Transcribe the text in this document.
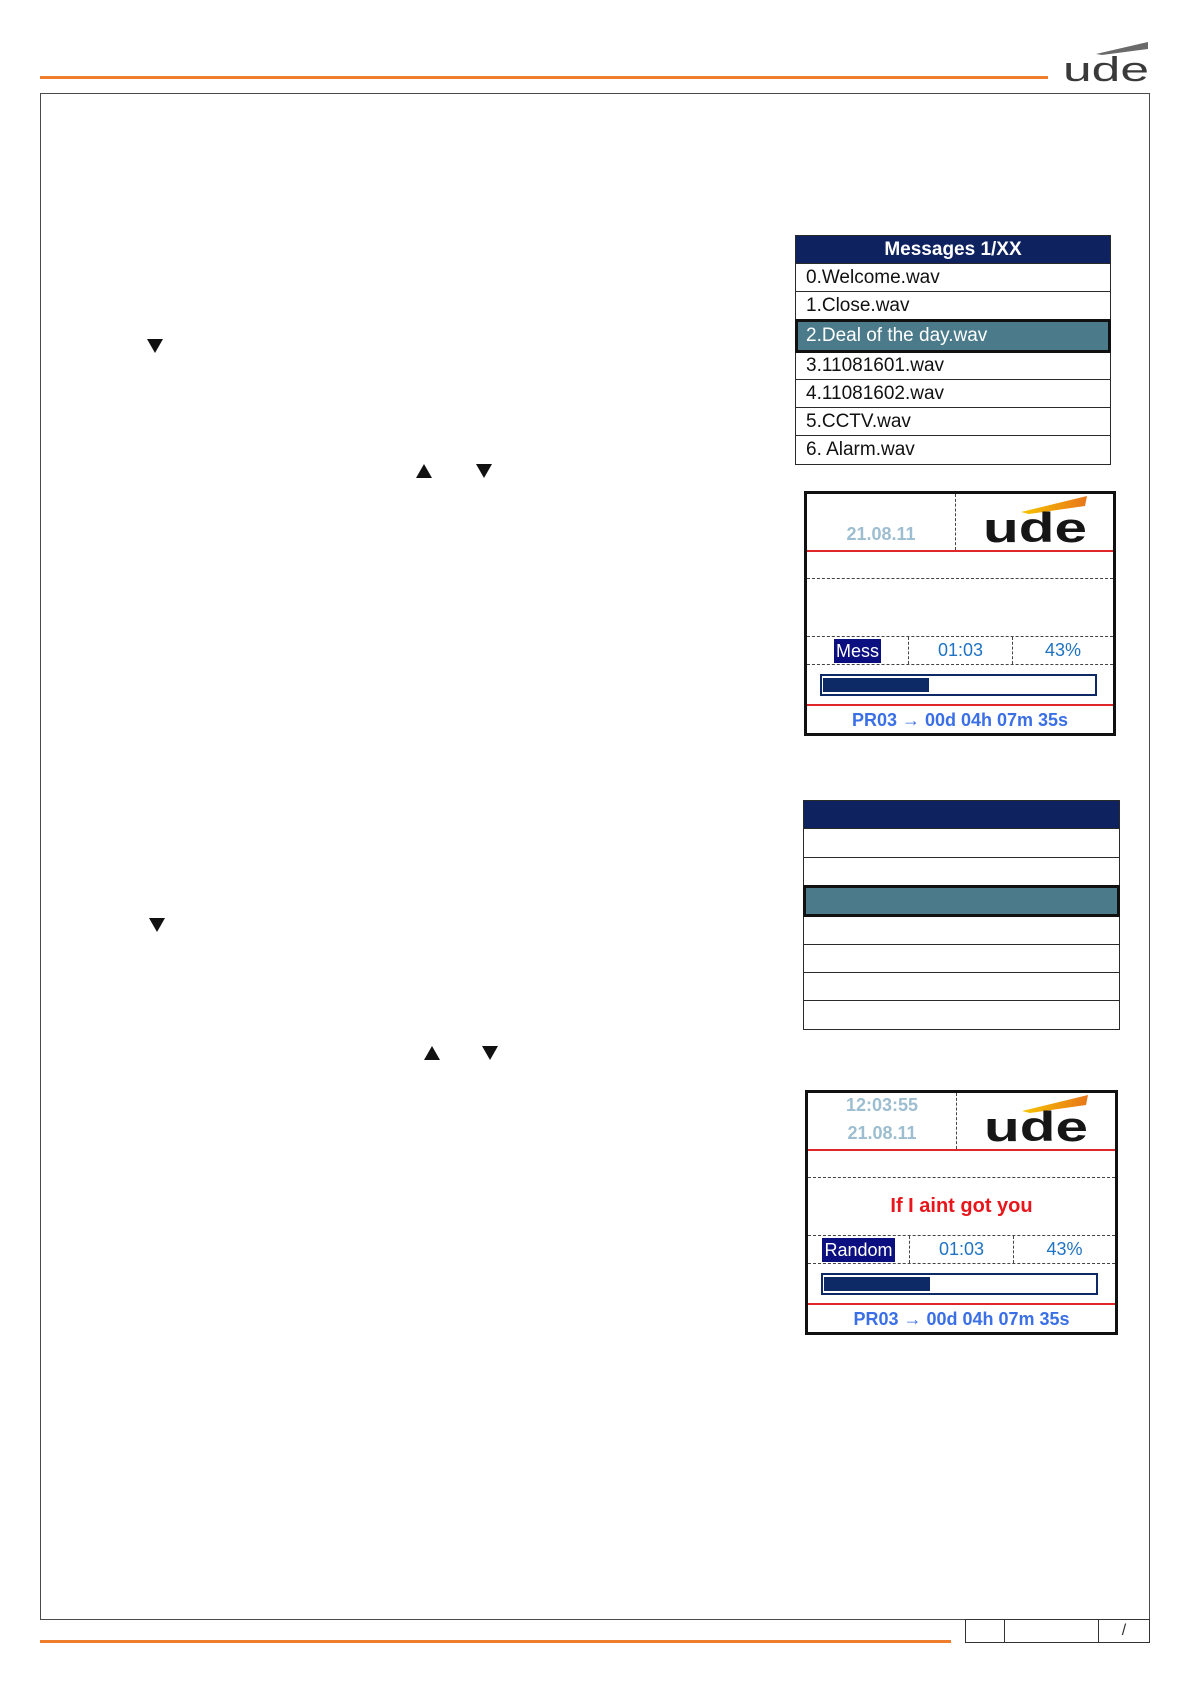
ude
Messages 1/XX
0.Welcome.wav
1.Close.wav
2.Deal of the day.wav
3.11081601.wav
4.11081602.wav
5.CCTV.wav
6. Alarm.wav
21.08.11	ude
Mess	01:03	43%
PR03 → 00d 04h 07m 35s
12:03:55
21.08.11	ude
If I aint got you
Random	01:03	43%
PR03 → 00d 04h 07m 35s
/
